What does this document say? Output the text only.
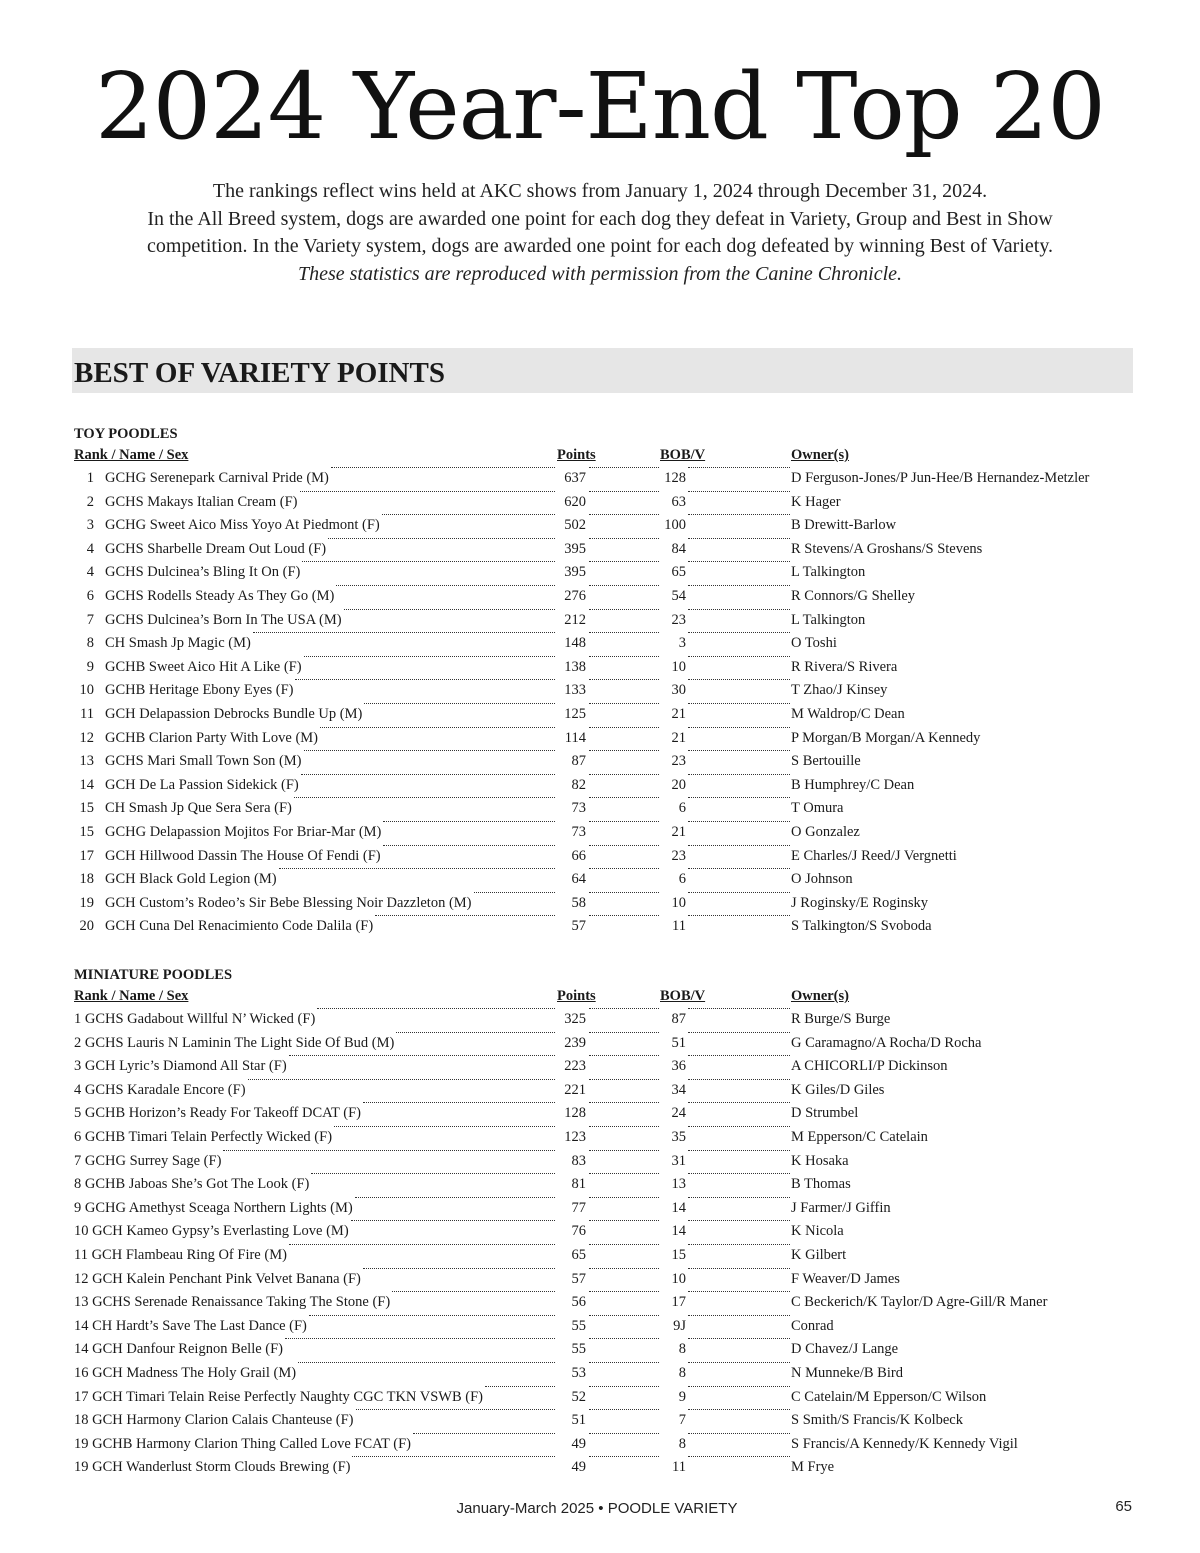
2024 Year-End Top 20
The rankings reflect wins held at AKC shows from January 1, 2024 through December 31, 2024.
In the All Breed system, dogs are awarded one point for each dog they defeat in Variety, Group and Best in Show
competition. In the Variety system, dogs are awarded one point for each dog defeated by winning Best of Variety.
These statistics are reproduced with permission from the Canine Chronicle.
BEST OF VARIETY POINTS
TOY POODLES
Rank / Name / Sex	Points	BOB/V	Owner(s)
1 GCHG Serenepark Carnival Pride (M)	637	128	D Ferguson-Jones/P Jun-Hee/B Hernandez-Metzler
2 GCHS Makays Italian Cream (F)	620	63	K Hager
3 GCHG Sweet Aico Miss Yoyo At Piedmont (F)	502	100	B Drewitt-Barlow
4 GCHS Sharbelle Dream Out Loud (F)	395	84	R Stevens/A Groshans/S Stevens
4 GCHS Dulcinea’s Bling It On (F)	395	65	L Talkington
6 GCHS Rodells Steady As They Go (M)	276	54	R Connors/G Shelley
7 GCHS Dulcinea’s Born In The USA (M)	212	23	L Talkington
8 CH Smash Jp Magic (M)	148	3	O Toshi
9 GCHB Sweet Aico Hit A Like (F)	138	10	R Rivera/S Rivera
10 GCHB Heritage Ebony Eyes (F)	133	30	T Zhao/J Kinsey
11 GCH Delapassion Debrocks Bundle Up (M)	125	21	M Waldrop/C Dean
12 GCHB Clarion Party With Love (M)	114	21	P Morgan/B Morgan/A Kennedy
13 GCHS Mari Small Town Son (M)	87	23	S Bertouille
14 GCH De La Passion Sidekick (F)	82	20	B Humphrey/C Dean
15 CH Smash Jp Que Sera Sera (F)	73	6	T Omura
15 GCHG Delapassion Mojitos For Briar-Mar (M)	73	21	O Gonzalez
17 GCH Hillwood Dassin The House Of Fendi (F)	66	23	E Charles/J Reed/J Vergnetti
18 GCH Black Gold Legion (M)	64	6	O Johnson
19 GCH Custom’s Rodeo’s Sir Bebe Blessing Noir Dazzleton (M)	58	10	J Roginsky/E Roginsky
20 GCH Cuna Del Renacimiento Code Dalila (F)	57	11	S Talkington/S Svoboda
MINIATURE POODLES
Rank / Name / Sex	Points	BOB/V	Owner(s)
1 GCHS Gadabout Willful N’ Wicked (F)	325	87	R Burge/S Burge
2 GCHS Lauris N Laminin The Light Side Of Bud (M)	239	51	G Caramagno/A Rocha/D Rocha
3 GCH Lyric’s Diamond All Star (F)	223	36	A CHICORLI/P Dickinson
4 GCHS Karadale Encore (F)	221	34	K Giles/D Giles
5 GCHB Horizon’s Ready For Takeoff DCAT (F)	128	24	D Strumbel
6 GCHB Timari Telain Perfectly Wicked (F)	123	35	M Epperson/C Catelain
7 GCHG Surrey Sage (F)	83	31	K Hosaka
8 GCHB Jaboas She’s Got The Look (F)	81	13	B Thomas
9 GCHG Amethyst Sceaga Northern Lights (M)	77	14	J Farmer/J Giffin
10 GCH Kameo Gypsy’s Everlasting Love (M)	76	14	K Nicola
11 GCH Flambeau Ring Of Fire (M)	65	15	K Gilbert
12 GCH Kalein Penchant Pink Velvet Banana (F)	57	10	F Weaver/D James
13 GCHS Serenade Renaissance Taking The Stone (F)	56	17	C Beckerich/K Taylor/D Agre-Gill/R Maner
14 CH Hardt’s Save The Last Dance (F)	55	9J	Conrad
14 GCH Danfour Reignon Belle (F)	55	8	D Chavez/J Lange
16 GCH Madness The Holy Grail (M)	53	8	N Munneke/B Bird
17 GCH Timari Telain Reise Perfectly Naughty CGC TKN VSWB (F)	52	9	C Catelain/M Epperson/C Wilson
18 GCH Harmony Clarion Calais Chanteuse (F)	51	7	S Smith/S Francis/K Kolbeck
19 GCHB Harmony Clarion Thing Called Love FCAT (F)	49	8	S Francis/A Kennedy/K Kennedy Vigil
19 GCH Wanderlust Storm Clouds Brewing (F)	49	11	M Frye
January-March 2025 • POODLE VARIETY	65
